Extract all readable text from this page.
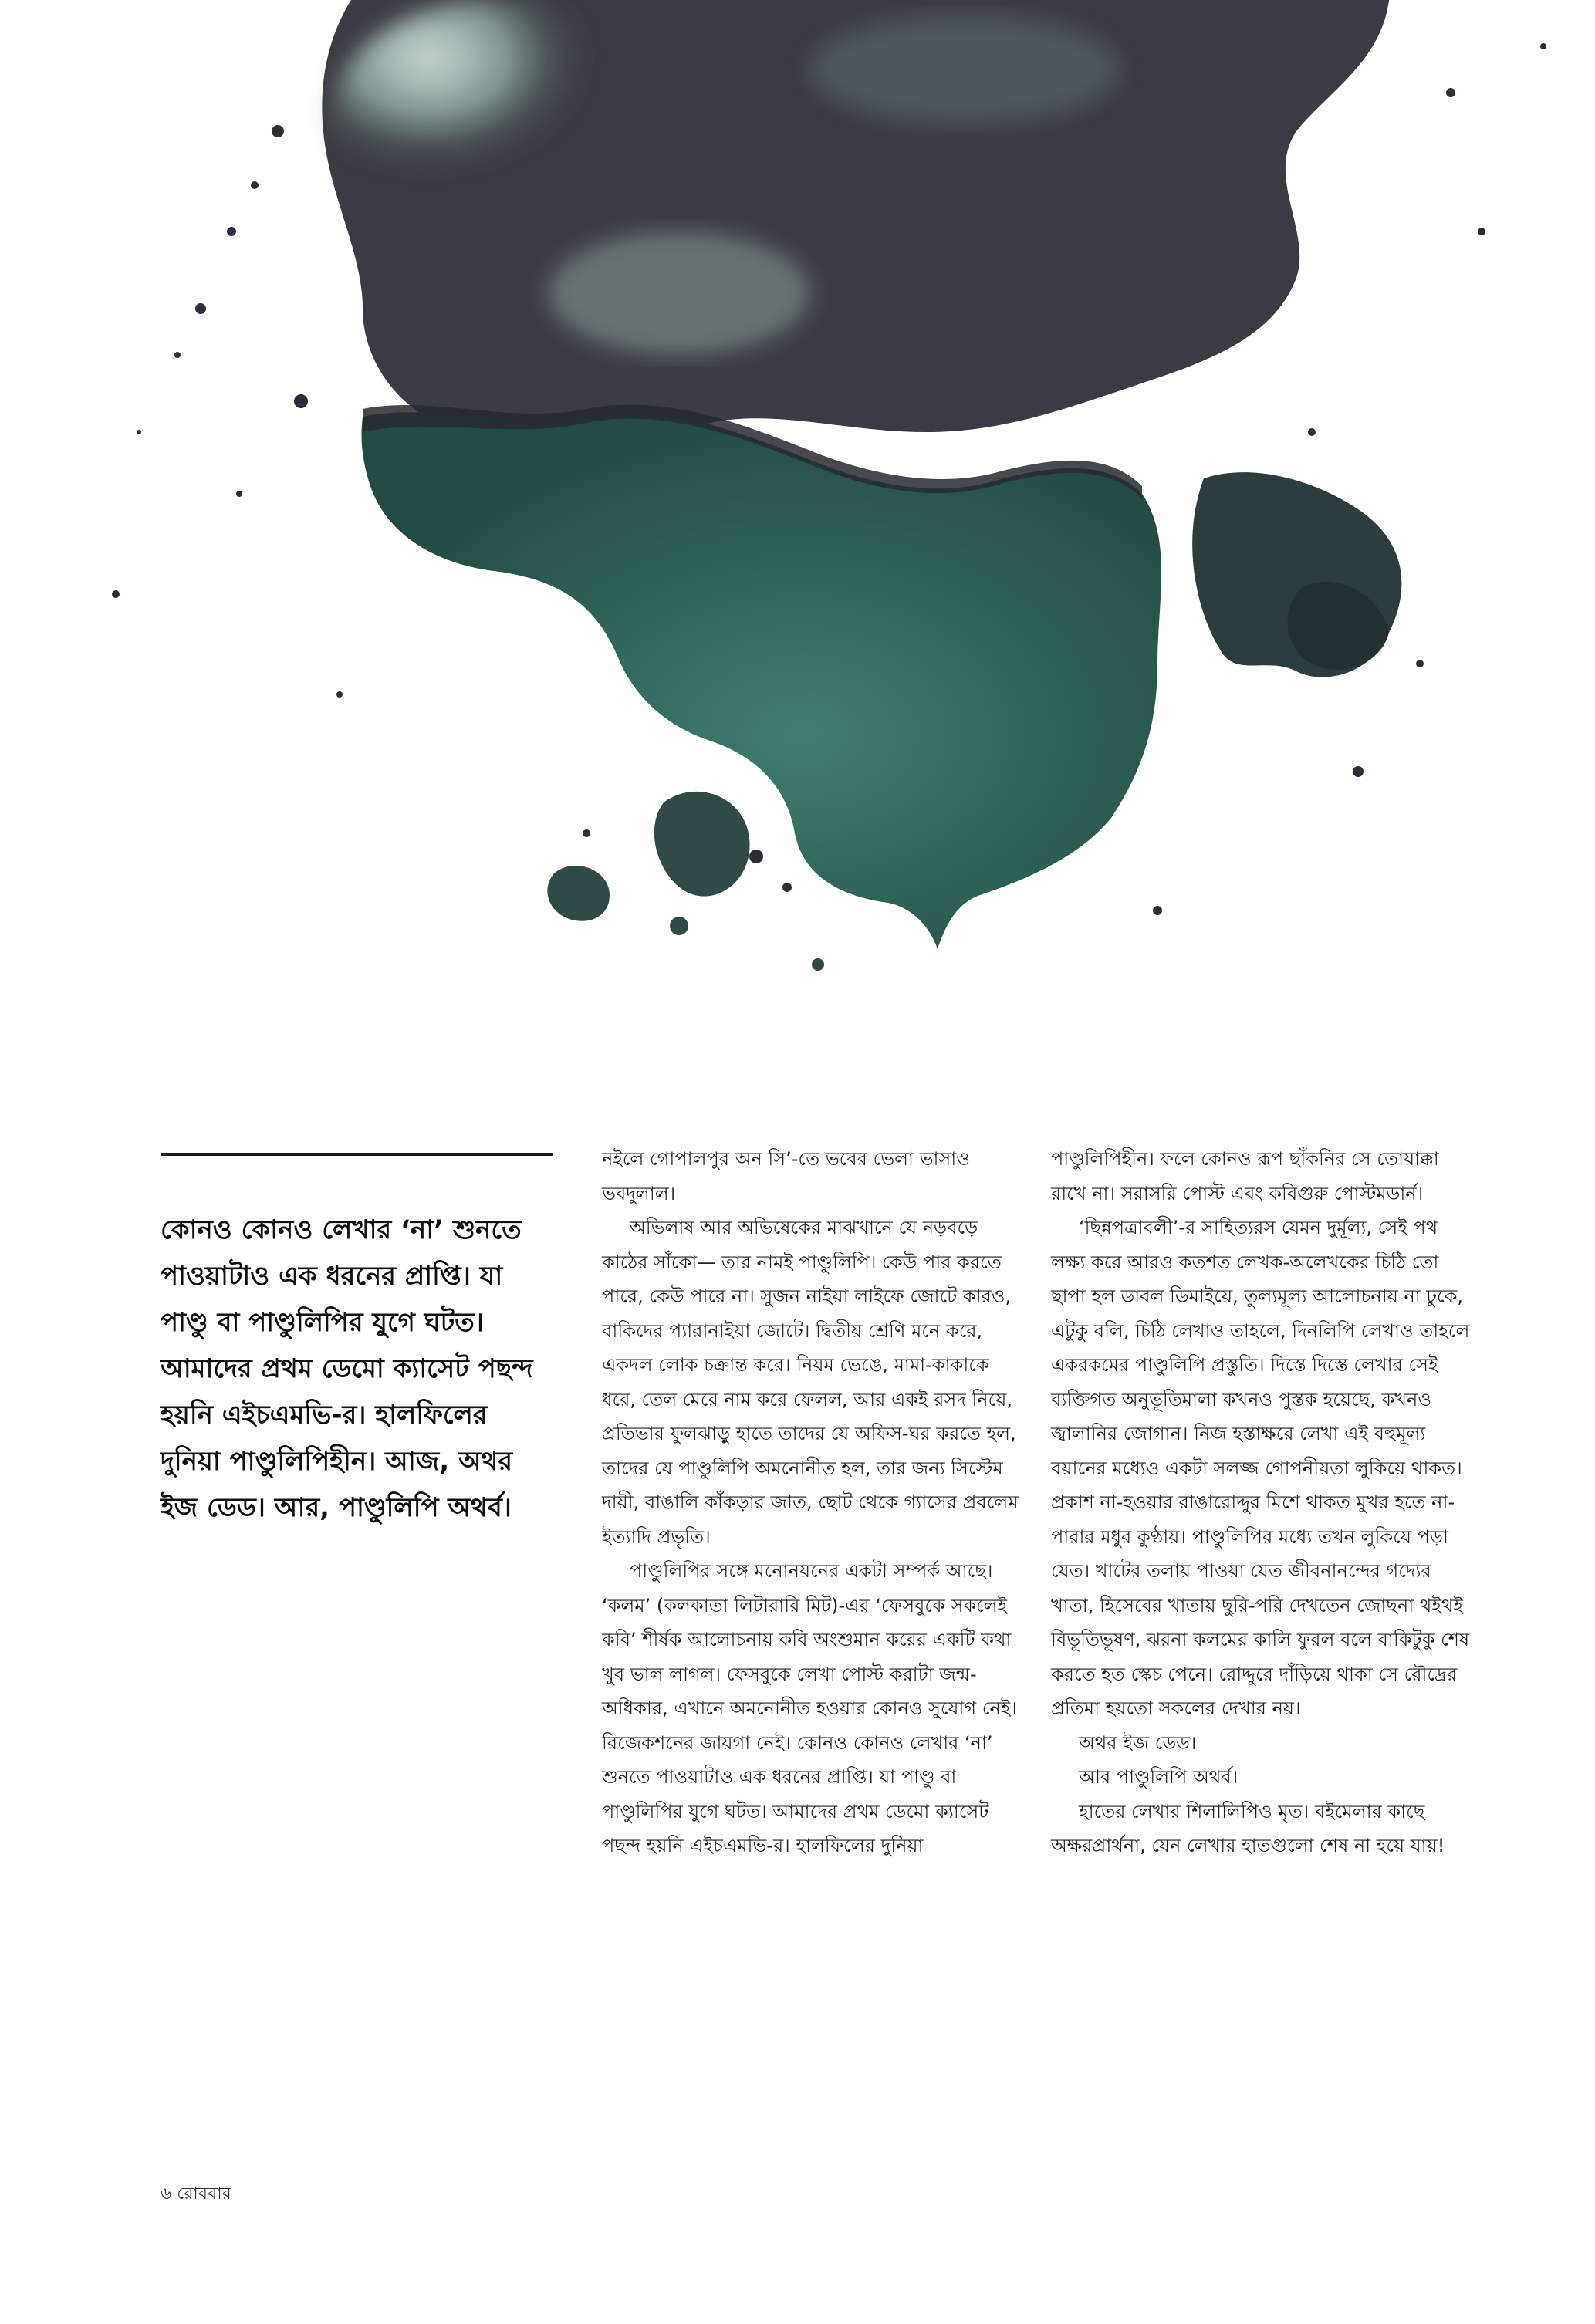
কোনও কোনও লেখার ‘না’ শুনতে পাওয়াটাও এক ধরনের প্রাপ্তি। যা পাণ্ডু বা পাণ্ডুলিপির যুগে ঘটত। আমাদের প্রথম ডেমো ক্যাসেট পছন্দ হয়নি এইচএমভি-র। হালফিলের দুনিয়া পাণ্ডুলিপিহীন। আজ, অথর ইজ ডেড। আর, পাণ্ডুলিপি অথর্ব।

নইলে গোপালপুর অন সি’-তে ভবের ভেলা ভাসাও ভবদুলাল।

অভিলাষ আর অভিষেকের মাঝখানে যে নড়বড়ে কাঠের সাঁকো— তার নামই পাণ্ডুলিপি। কেউ পার করতে পারে, কেউ পারে না। সুজন নাইয়া লাইফে জোটে কারও, বাকিদের প্যারানাইয়া জোটে। দ্বিতীয় শ্রেণি মনে করে, একদল লোক চক্রান্ত করে। নিয়ম ভেঙে, মামা-কাকাকে ধরে, তেল মেরে নাম করে ফেলল, আর একই রসদ নিয়ে, প্রতিভার ফুলঝাড়ু হাতে তাদের যে অফিস-ঘর করতে হল, তাদের যে পাণ্ডুলিপি অমনোনীত হল, তার জন্য সিস্টেম দায়ী, বাঙালি কাঁকড়ার জাত, ছোট থেকে গ্যাসের প্রবলেম ইত্যাদি প্রভৃতি।

পাণ্ডুলিপির সঙ্গে মনোনয়নের একটা সম্পর্ক আছে। ‘কলম’ (কলকাতা লিটারারি মিট)-এর ‘ফেসবুকে সকলেই কবি’ শীর্ষক আলোচনায় কবি অংশুমান করের একটি কথা খুব ভাল লাগল। ফেসবুকে লেখা পোস্ট করাটা জন্ম-অধিকার, এখানে অমনোনীত হওয়ার কোনও সুযোগ নেই। রিজেকশনের জায়গা নেই। কোনও কোনও লেখার ‘না’ শুনতে পাওয়াটাও এক ধরনের প্রাপ্তি। যা পাণ্ডু বা পাণ্ডুলিপির যুগে ঘটত। আমাদের প্রথম ডেমো ক্যাসেট পছন্দ হয়নি এইচএমভি-র। হালফিলের দুনিয়া

পাণ্ডুলিপিহীন। ফলে কোনও রূপ ছাঁকনির সে তোয়াক্কা রাখে না। সরাসরি পোস্ট এবং কবিগুরু পোস্টমডার্ন।

‘ছিন্নপত্রাবলী’-র সাহিত্যরস যেমন দুর্মূল্য, সেই পথ লক্ষ্য করে আরও কতশত লেখক-অলেখকের চিঠি তো ছাপা হল ডাবল ডিমাইয়ে, তুল্যমূল্য আলোচনায় না ঢুকে, এটুকু বলি, চিঠি লেখাও তাহলে, দিনলিপি লেখাও তাহলে একরকমের পাণ্ডুলিপি প্রস্তুতি। দিস্তে দিস্তে লেখার সেই ব্যক্তিগত অনুভূতিমালা কখনও পুস্তক হয়েছে, কখনও জ্বালানির জোগান। নিজ হস্তাক্ষরে লেখা এই বহুমূল্য বয়ানের মধ্যেও একটা সলজ্জ গোপনীয়তা লুকিয়ে থাকত। প্রকাশ না-হওয়ার রাঙারোদ্দুর মিশে থাকত মুখর হতে না-পারার মধুর কুণ্ঠায়। পাণ্ডুলিপির মধ্যে তখন লুকিয়ে পড়া যেত। খাটের তলায় পাওয়া যেত জীবনানন্দের গদ্যের খাতা, হিসেবের খাতায় ছুরি-পরি দেখতেন জোছনা থইথই বিভূতিভূষণ, ঝরনা কলমের কালি ফুরল বলে বাকিটুকু শেষ করতে হত স্কেচ পেনে। রোদ্দুরে দাঁড়িয়ে থাকা সে রৌদ্রের প্রতিমা হয়তো সকলের দেখার নয়।

অথর ইজ ডেড।

আর পাণ্ডুলিপি অথর্ব।

হাতের লেখার শিলালিপিও মৃত। বইমেলার কাছে অক্ষরপ্রার্থনা, যেন লেখার হাতগুলো শেষ না হয়ে যায়!

৬ রোববার
